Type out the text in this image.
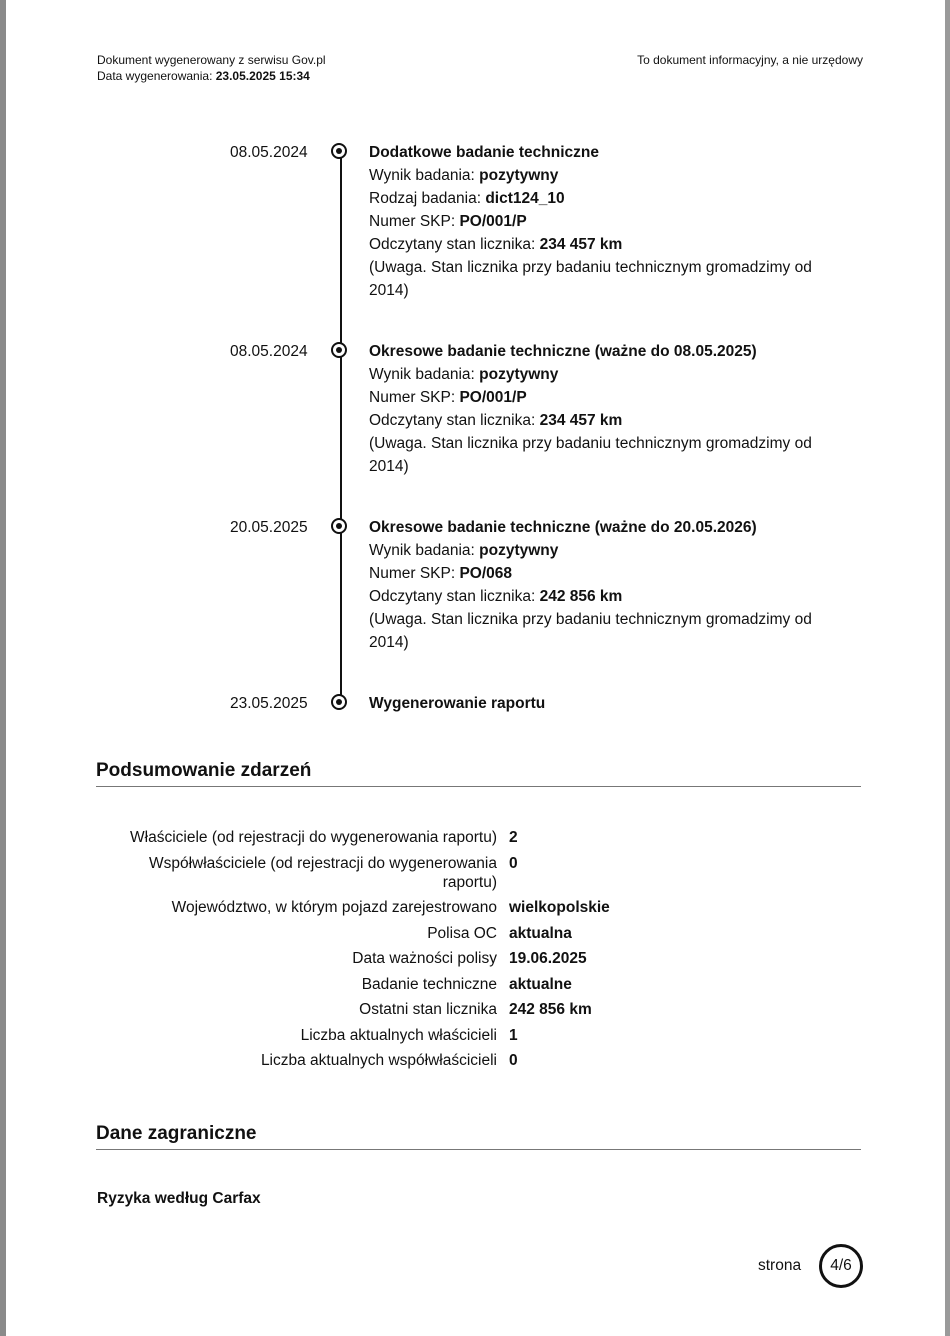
Dokument wygenerowany z serwisu Gov.pl
Data wygenerowania: 23.05.2025 15:34
To dokument informacyjny, a nie urzędowy
08.05.2024	Dodatkowe badanie techniczne
Wynik badania: pozytywny
Rodzaj badania: dict124_10
Numer SKP: PO/001/P
Odczytany stan licznika: 234 457 km
(Uwaga. Stan licznika przy badaniu technicznym gromadzimy od 2014)
08.05.2024	Okresowe badanie techniczne (ważne do 08.05.2025)
Wynik badania: pozytywny
Numer SKP: PO/001/P
Odczytany stan licznika: 234 457 km
(Uwaga. Stan licznika przy badaniu technicznym gromadzimy od 2014)
20.05.2025	Okresowe badanie techniczne (ważne do 20.05.2026)
Wynik badania: pozytywny
Numer SKP: PO/068
Odczytany stan licznika: 242 856 km
(Uwaga. Stan licznika przy badaniu technicznym gromadzimy od 2014)
23.05.2025	Wygenerowanie raportu
Podsumowanie zdarzeń
Właściciele (od rejestracji do wygenerowania raportu) 2
Współwłaściciele (od rejestracji do wygenerowania raportu)
0
Województwo, w którym pojazd zarejestrowano wielkopolskie
Polisa OC aktualna
Data ważności polisy 19.06.2025
Badanie techniczne aktualne
Ostatni stan licznika 242 856 km
Liczba aktualnych właścicieli 1
Liczba aktualnych współwłaścicieli 0
Dane zagraniczne
Ryzyka według Carfax
strona	4/6
